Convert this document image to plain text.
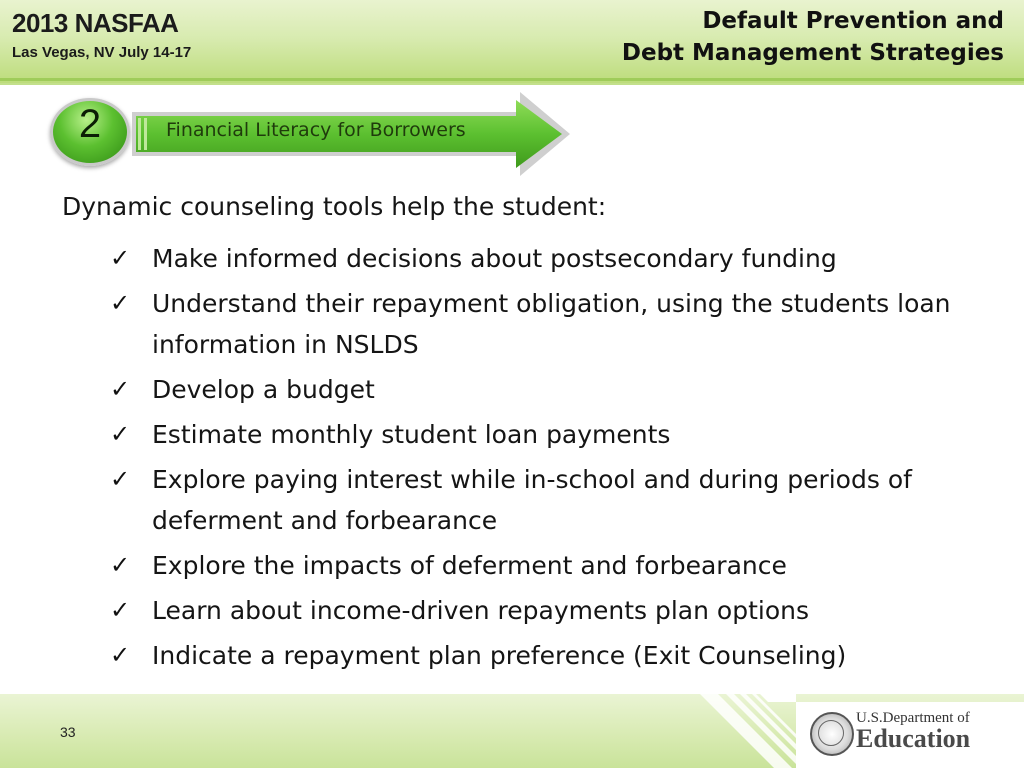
2013 NASFAA
Las Vegas, NV July 14-17
Default Prevention and
Debt Management Strategies
2	Financial Literacy for Borrowers
Dynamic counseling tools help the student:
✓ Make informed decisions about postsecondary funding
✓ Understand their repayment obligation, using the students loan information in NSLDS
✓ Develop a budget
✓ Estimate monthly student loan payments
✓ Explore paying interest while in-school and during periods of deferment and forbearance
✓ Explore the impacts of deferment and forbearance
✓ Learn about income-driven repayments plan options
✓ Indicate a repayment plan preference (Exit Counseling)
33
U.S.Department of
Education
